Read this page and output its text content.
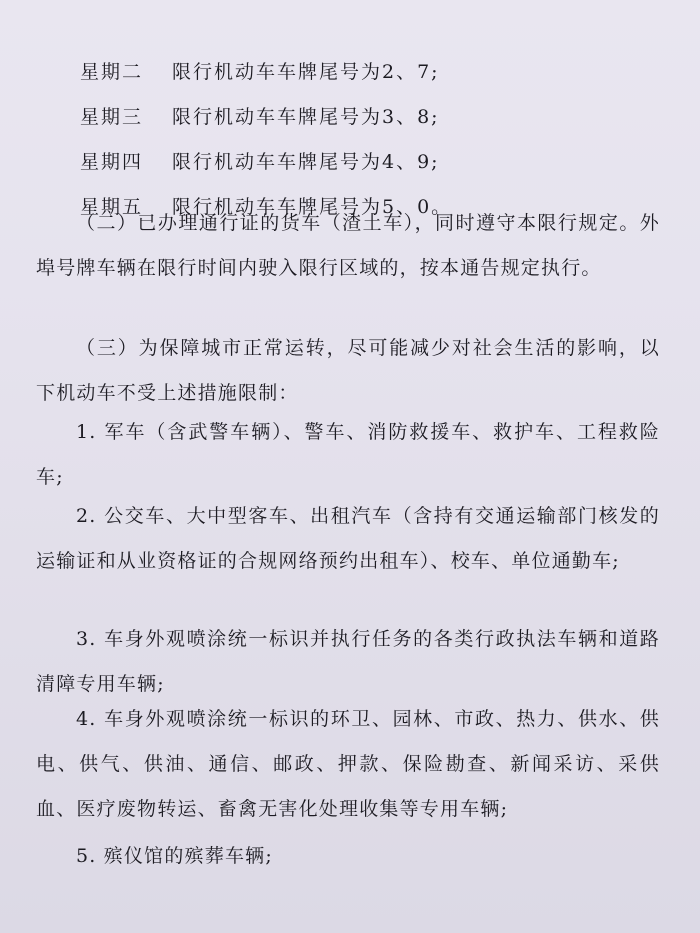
星期二 限行机动车车牌尾号为2、7;
星期三 限行机动车车牌尾号为3、8;
星期四 限行机动车车牌尾号为4、9;
星期五 限行机动车车牌尾号为5、0。

（二）已办理通行证的货车（渣土车），同时遵守本限行规定。外埠号牌车辆在限行时间内驶入限行区域的，按本通告规定执行。

（三）为保障城市正常运转，尽可能减少对社会生活的影响，以下机动车不受上述措施限制：

1. 军车（含武警车辆）、警车、消防救援车、救护车、工程救险车;

2. 公交车、大中型客车、出租汽车（含持有交通运输部门核发的运输证和从业资格证的合规网络预约出租车）、校车、单位通勤车;

3. 车身外观喷涂统一标识并执行任务的各类行政执法车辆和道路清障专用车辆;

4. 车身外观喷涂统一标识的环卫、园林、市政、热力、供水、供电、供气、供油、通信、邮政、押款、保险勘查、新闻采访、采供血、医疗废物转运、畜禽无害化处理收集等专用车辆;

5. 殡仪馆的殡葬车辆;
